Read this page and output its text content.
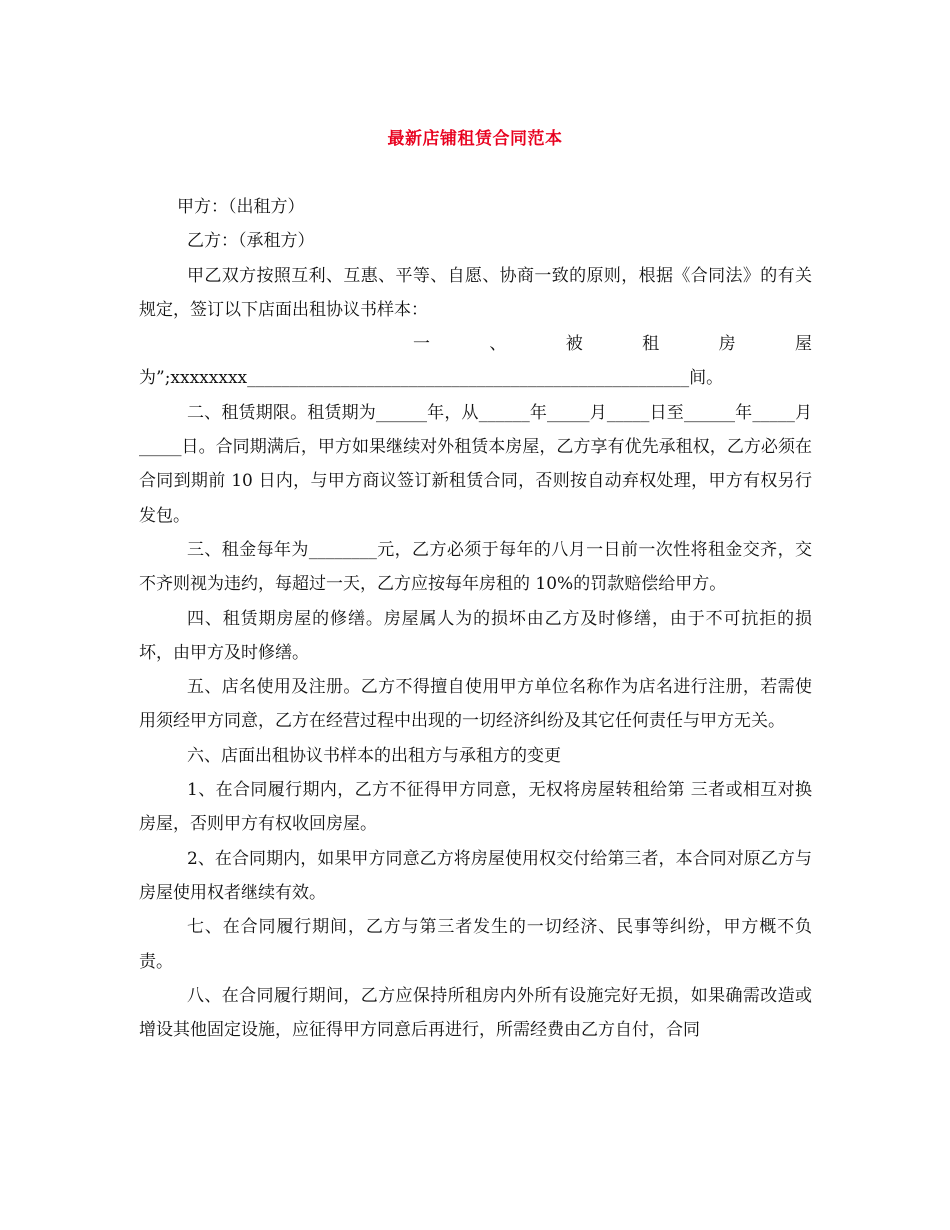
最新店铺租赁合同范本

甲方：（出租方）

乙方：（承租方）

甲乙双方按照互利、互惠、平等、自愿、协商一致的原则，根据《合同法》的有关规定，签订以下店面出租协议书样本：

一	、	被	租	房	屋

为”;xxxxxxxx____________________________________________________间。

二、租赁期限。租赁期为______年，从______年_____月_____日至______年_____月_____日。合同期满后，甲方如果继续对外租赁本房屋，乙方享有优先承租权，乙方必须在合同到期前 10 日内，与甲方商议签订新租赁合同，否则按自动弃权处理，甲方有权另行发包。

三、租金每年为________元，乙方必须于每年的八月一日前一次性将租金交齐，交不齐则视为违约，每超过一天，乙方应按每年房租的 10%的罚款赔偿给甲方。

四、租赁期房屋的修缮。房屋属人为的损坏由乙方及时修缮，由于不可抗拒的损坏，由甲方及时修缮。

五、店名使用及注册。乙方不得擅自使用甲方单位名称作为店名进行注册，若需使用须经甲方同意，乙方在经营过程中出现的一切经济纠纷及其它任何责任与甲方无关。

六、店面出租协议书样本的出租方与承租方的变更

1、在合同履行期内，乙方不征得甲方同意，无权将房屋转租给第 三者或相互对换房屋，否则甲方有权收回房屋。

2、在合同期内，如果甲方同意乙方将房屋使用权交付给第三者，本合同对原乙方与房屋使用权者继续有效。

七、在合同履行期间，乙方与第三者发生的一切经济、民事等纠纷，甲方概不负责。

八、在合同履行期间，乙方应保持所租房内外所有设施完好无损，如果确需改造或增设其他固定设施，应征得甲方同意后再进行，所需经费由乙方自付，合同
